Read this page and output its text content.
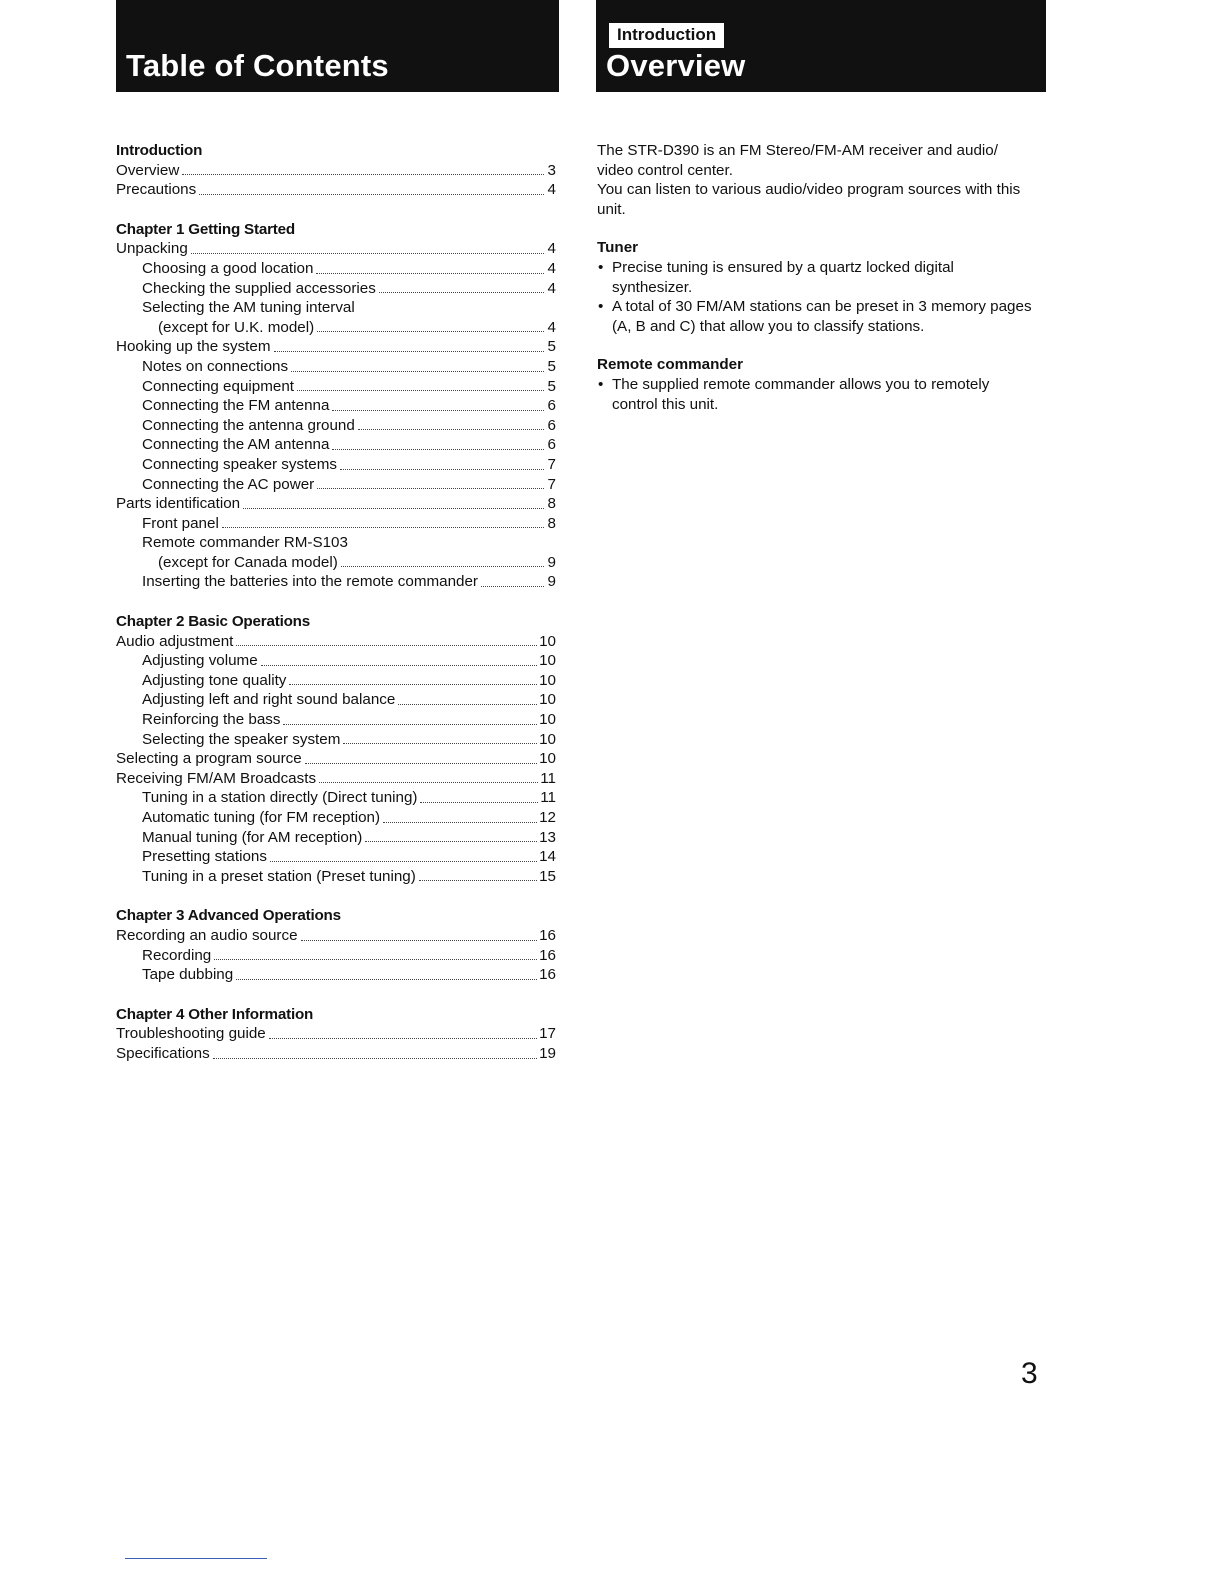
Table of Contents
Introduction
Overview
Introduction
Overview	3
Precautions	4
Chapter 1 Getting Started
Unpacking	4
Choosing a good location	4
Checking the supplied accessories	4
Selecting the AM tuning interval
(except for U.K. model)	4
Hooking up the system	5
Notes on connections	5
Connecting equipment	5
Connecting the FM antenna	6
Connecting the antenna ground	6
Connecting the AM antenna	6
Connecting speaker systems	7
Connecting the AC power	7
Parts identification	8
Front panel	8
Remote commander RM-S103
(except for Canada model)	9
Inserting the batteries into the remote commander	9
Chapter 2 Basic Operations
Audio adjustment	10
Adjusting volume	10
Adjusting tone quality	10
Adjusting left and right sound balance	10
Reinforcing the bass	10
Selecting the speaker system	10
Selecting a program source	10
Receiving FM/AM Broadcasts	11
Tuning in a station directly (Direct tuning)	11
Automatic tuning (for FM reception)	12
Manual tuning (for AM reception)	13
Presetting stations	14
Tuning in a preset station (Preset tuning)	15
Chapter 3 Advanced Operations
Recording an audio source	16
Recording	16
Tape dubbing	16
Chapter 4 Other Information
Troubleshooting guide	17
Specifications	19

The STR-D390 is an FM Stereo/FM-AM receiver and audio/ video control center.

You can listen to various audio/video program sources with this unit.

Tuner
• Precise tuning is ensured by a quartz locked digital synthesizer.
• A total of 30 FM/AM stations can be preset in 3 memory pages (A, B and C) that allow you to classify stations.
Remote commander
• The supplied remote commander allows you to remotely control this unit.
3
